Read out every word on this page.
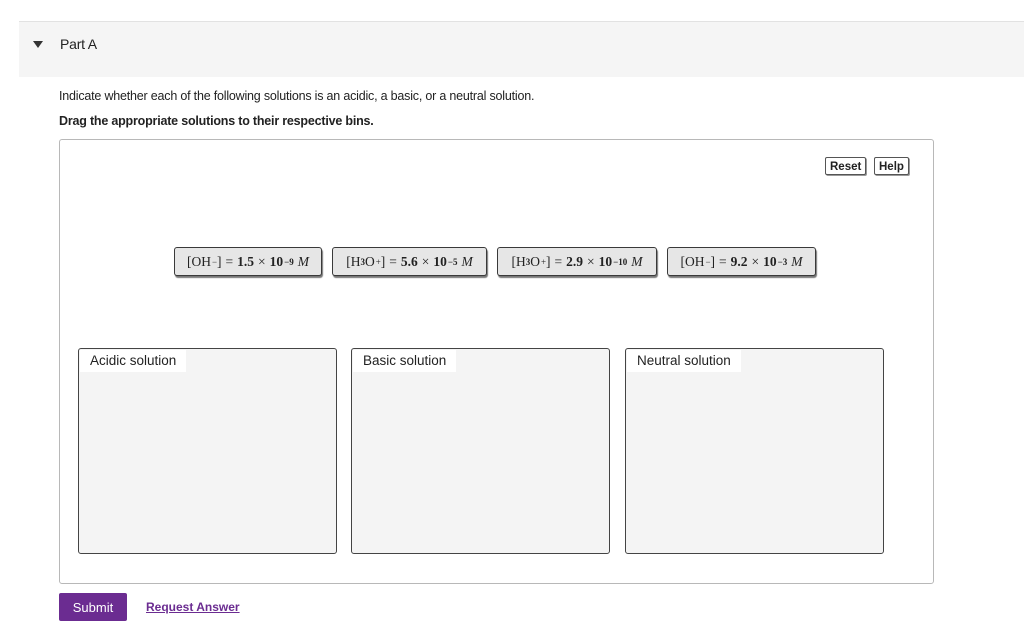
Part A
Indicate whether each of the following solutions is an acidic, a basic, or a neutral solution.
Drag the appropriate solutions to their respective bins.
Reset	Help
[OH − ] = 1.5 × 10 −9 M	[H 3 O + ] = 5.6 × 10 −5 M	[H 3 O + ] = 2.9 × 10 −10 M	[OH − ] = 9.2 × 10 −3 M
Acidic solution	Basic solution	Neutral solution
Submit	Request Answer
